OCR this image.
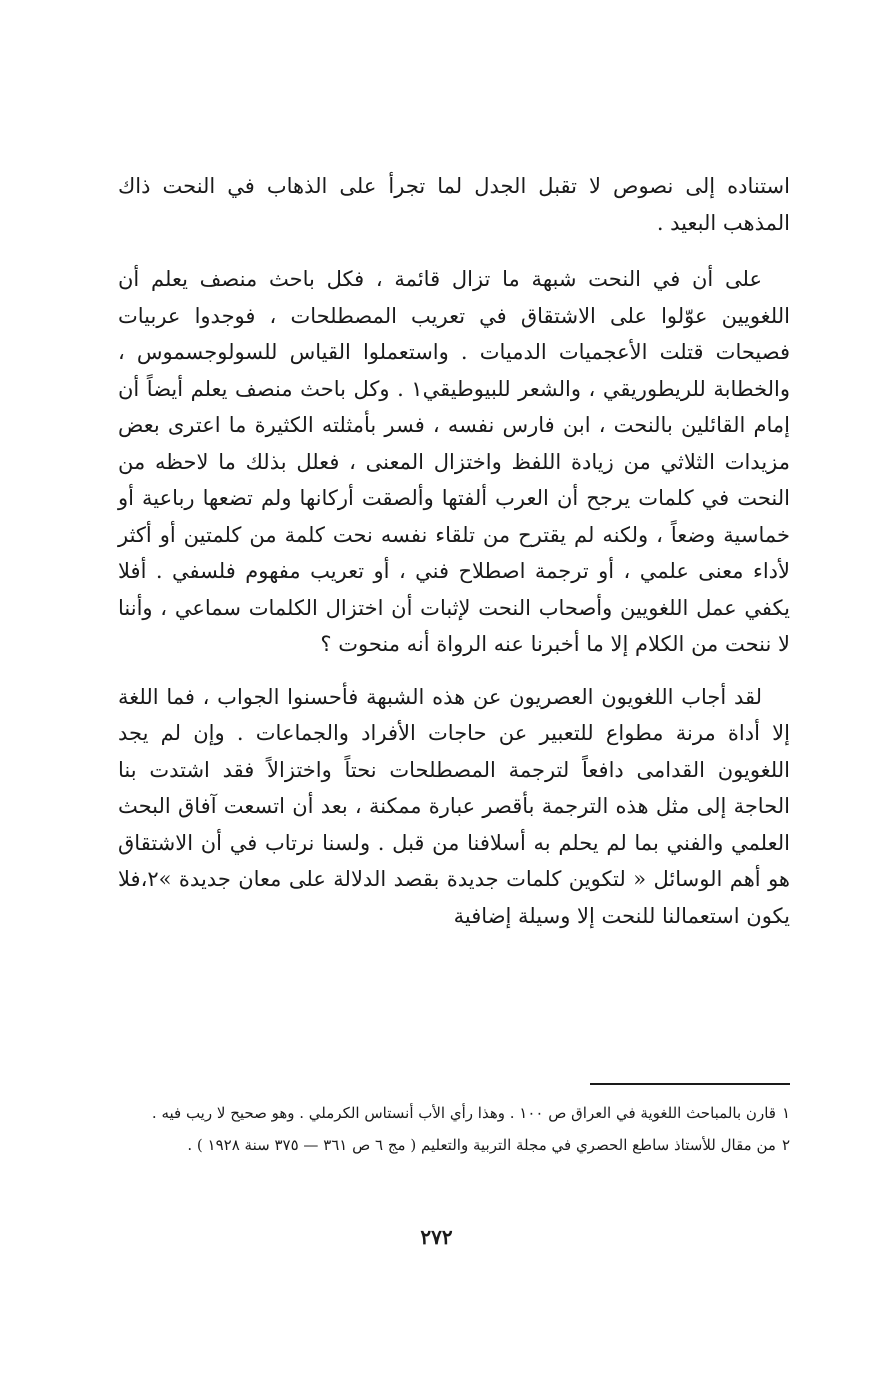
استناده إلى نصوص لا تقبل الجدل لما تجرأ على الذهاب في النحت ذاك المذهب البعيد .

على أن في النحت شبهة ما تزال قائمة ، فكل باحث منصف يعلم أن اللغويين عوّلوا على الاشتقاق في تعريب المصطلحات ، فوجدوا عربيات فصيحات قتلت الأعجميات الدميات . واستعملوا القياس للسولوجسموس ، والخطابة للريطوريقي ، والشعر للبيوطيقي١ . وكل باحث منصف يعلم أيضاً أن إمام القائلين بالنحت ، ابن فارس نفسه ، فسر بأمثلته الكثيرة ما اعترى بعض مزيدات الثلاثي من زيادة اللفظ واختزال المعنى ، فعلل بذلك ما لاحظه من النحت في كلمات يرجح أن العرب ألفتها وألصقت أركانها ولم تضعها رباعية أو خماسية وضعاً ، ولكنه لم يقترح من تلقاء نفسه نحت كلمة من كلمتين أو أكثر لأداء معنى علمي ، أو ترجمة اصطلاح فني ، أو تعريب مفهوم فلسفي . أفلا يكفي عمل اللغويين وأصحاب النحت لإثبات أن اختزال الكلمات سماعي ، وأننا لا ننحت من الكلام إلا ما أخبرنا عنه الرواة أنه منحوت ؟

لقد أجاب اللغويون العصريون عن هذه الشبهة فأحسنوا الجواب ، فما اللغة إلا أداة مرنة مطواع للتعبير عن حاجات الأفراد والجماعات . وإن لم يجد اللغويون القدامى دافعاً لترجمة المصطلحات نحتاً واختزالاً فقد اشتدت بنا الحاجة إلى مثل هذه الترجمة بأقصر عبارة ممكنة ، بعد أن اتسعت آفاق البحث العلمي والفني بما لم يحلم به أسلافنا من قبل . ولسنا نرتاب في أن الاشتقاق هو أهم الوسائل « لتكوين كلمات جديدة بقصد الدلالة على معان جديدة »٢،فلا يكون استعمالنا للنحت إلا وسيلة إضافية

١قارن بالمباحث اللغوية في العراق ص ١٠٠ . وهذا رأي الأب أنستاس الكرملي . وهو صحيح لا ريب فيه .

٢من مقال للأستاذ ساطع الحصري في مجلة التربية والتعليم ( مج ٦ ص ٣٦١ — ٣٧٥ سنة ١٩٢٨ ) .

٢٧٢
